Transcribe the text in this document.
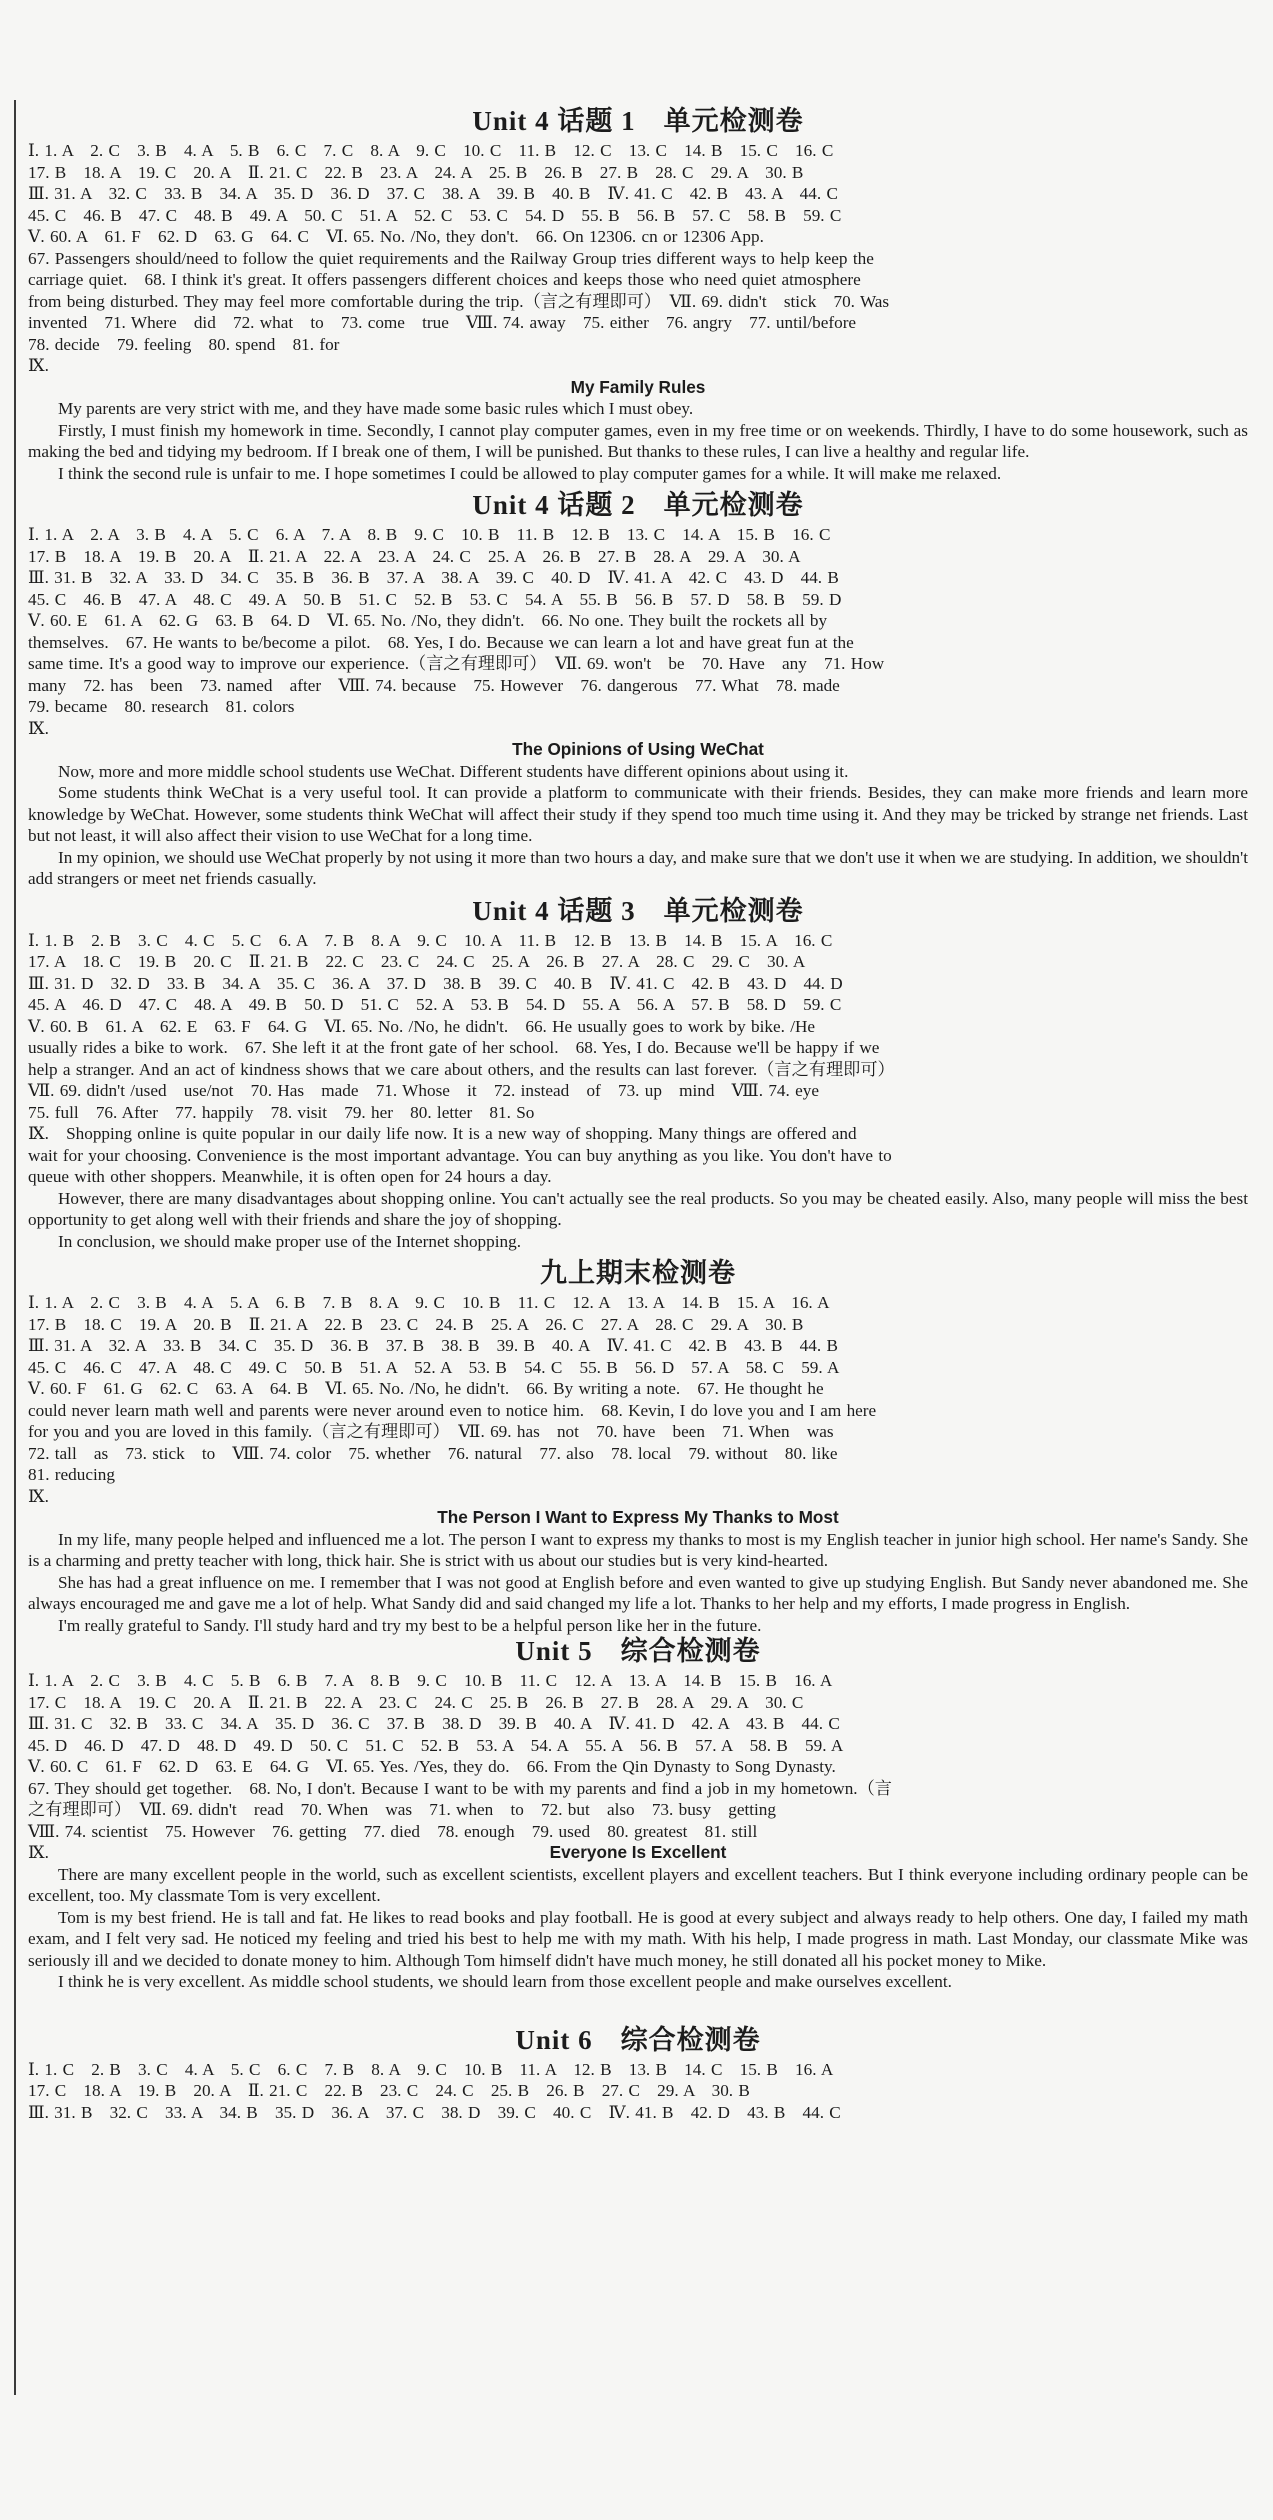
Unit 4 话题 1　单元检测卷
Ⅰ. 1. A　2. C　3. B　4. A　5. B　6. C　7. C　8. A　9. C　10. C　11. B　12. C　13. C　14. B　15. C　16. C
17. B　18. A　19. C　20. A　Ⅱ. 21. C　22. B　23. A　24. A　25. B　26. B　27. B　28. C　29. A　30. B
Ⅲ. 31. A　32. C　33. B　34. A　35. D　36. D　37. C　38. A　39. B　40. B　Ⅳ. 41. C　42. B　43. A　44. C
45. C　46. B　47. C　48. B　49. A　50. C　51. A　52. C　53. C　54. D　55. B　56. B　57. C　58. B　59. C
Ⅴ. 60. A　61. F　62. D　63. G　64. C　Ⅵ. 65. No. /No, they don't.　66. On 12306. cn or 12306 App.
67. Passengers should/need to follow the quiet requirements and the Railway Group tries different ways to help keep the
carriage quiet.　68. I think it's great. It offers passengers different choices and keeps those who need quiet atmosphere
from being disturbed. They may feel more comfortable during the trip.（言之有理即可）　Ⅶ. 69. didn't　stick　70. Was
invented　71. Where　did　72. what　to　73. come　true　Ⅷ. 74. away　75. either　76. angry　77. until/before
78. decide　79. feeling　80. spend　81. for
Ⅸ.
My Family Rules

My parents are very strict with me, and they have made some basic rules which I must obey.

Firstly, I must finish my homework in time. Secondly, I cannot play computer games, even in my free time or on weekends. Thirdly, I have to do some housework, such as making the bed and tidying my bedroom. If I break one of them, I will be punished. But thanks to these rules, I can live a healthy and regular life.

I think the second rule is unfair to me. I hope sometimes I could be allowed to play computer games for a while. It will make me relaxed.

Unit 4 话题 2　单元检测卷
Ⅰ. 1. A　2. A　3. B　4. A　5. C　6. A　7. A　8. B　9. C　10. B　11. B　12. B　13. C　14. A　15. B　16. C
17. B　18. A　19. B　20. A　Ⅱ. 21. A　22. A　23. A　24. C　25. A　26. B　27. B　28. A　29. A　30. A
Ⅲ. 31. B　32. A　33. D　34. C　35. B　36. B　37. A　38. A　39. C　40. D　Ⅳ. 41. A　42. C　43. D　44. B
45. C　46. B　47. A　48. C　49. A　50. B　51. C　52. B　53. C　54. A　55. B　56. B　57. D　58. B　59. D
Ⅴ. 60. E　61. A　62. G　63. B　64. D　Ⅵ. 65. No. /No, they didn't.　66. No one. They built the rockets all by
themselves.　67. He wants to be/become a pilot.　68. Yes, I do. Because we can learn a lot and have great fun at the
same time. It's a good way to improve our experience.（言之有理即可）　Ⅶ. 69. won't　be　70. Have　any　71. How
many　72. has　been　73. named　after　Ⅷ. 74. because　75. However　76. dangerous　77. What　78. made
79. became　80. research　81. colors
Ⅸ.
The Opinions of Using WeChat

Now, more and more middle school students use WeChat. Different students have different opinions about using it.

Some students think WeChat is a very useful tool. It can provide a platform to communicate with their friends. Besides, they can make more friends and learn more knowledge by WeChat. However, some students think WeChat will affect their study if they spend too much time using it. And they may be tricked by strange net friends. Last but not least, it will also affect their vision to use WeChat for a long time.

In my opinion, we should use WeChat properly by not using it more than two hours a day, and make sure that we don't use it when we are studying. In addition, we shouldn't add strangers or meet net friends casually.

Unit 4 话题 3　单元检测卷
Ⅰ. 1. B　2. B　3. C　4. C　5. C　6. A　7. B　8. A　9. C　10. A　11. B　12. B　13. B　14. B　15. A　16. C
17. A　18. C　19. B　20. C　Ⅱ. 21. B　22. C　23. C　24. C　25. A　26. B　27. A　28. C　29. C　30. A
Ⅲ. 31. D　32. D　33. B　34. A　35. C　36. A　37. D　38. B　39. C　40. B　Ⅳ. 41. C　42. B　43. D　44. D
45. A　46. D　47. C　48. A　49. B　50. D　51. C　52. A　53. B　54. D　55. A　56. A　57. B　58. D　59. C
Ⅴ. 60. B　61. A　62. E　63. F　64. G　Ⅵ. 65. No. /No, he didn't.　66. He usually goes to work by bike. /He
usually rides a bike to work.　67. She left it at the front gate of her school.　68. Yes, I do. Because we'll be happy if we
help a stranger. And an act of kindness shows that we care about others, and the results can last forever.（言之有理即可）
Ⅶ. 69. didn't /used　use/not　70. Has　made　71. Whose　it　72. instead　of　73. up　mind　Ⅷ. 74. eye
75. full　76. After　77. happily　78. visit　79. her　80. letter　81. So
Ⅸ.　Shopping online is quite popular in our daily life now. It is a new way of shopping. Many things are offered and
wait for your choosing. Convenience is the most important advantage. You can buy anything as you like. You don't have to
queue with other shoppers. Meanwhile, it is often open for 24 hours a day.

However, there are many disadvantages about shopping online. You can't actually see the real products. So you may be cheated easily. Also, many people will miss the best opportunity to get along well with their friends and share the joy of shopping.

In conclusion, we should make proper use of the Internet shopping.

九上期末检测卷
Ⅰ. 1. A　2. C　3. B　4. A　5. A　6. B　7. B　8. A　9. C　10. B　11. C　12. A　13. A　14. B　15. A　16. A
17. B　18. C　19. A　20. B　Ⅱ. 21. A　22. B　23. C　24. B　25. A　26. C　27. A　28. C　29. A　30. B
Ⅲ. 31. A　32. A　33. B　34. C　35. D　36. B　37. B　38. B　39. B　40. A　Ⅳ. 41. C　42. B　43. B　44. B
45. C　46. C　47. A　48. C　49. C　50. B　51. A　52. A　53. B　54. C　55. B　56. D　57. A　58. C　59. A
Ⅴ. 60. F　61. G　62. C　63. A　64. B　Ⅵ. 65. No. /No, he didn't.　66. By writing a note.　67. He thought he
could never learn math well and parents were never around even to notice him.　68. Kevin, I do love you and I am here
for you and you are loved in this family.（言之有理即可）　Ⅶ. 69. has　not　70. have　been　71. When　was
72. tall　as　73. stick　to　Ⅷ. 74. color　75. whether　76. natural　77. also　78. local　79. without　80. like
81. reducing
Ⅸ.
The Person I Want to Express My Thanks to Most

In my life, many people helped and influenced me a lot. The person I want to express my thanks to most is my English teacher in junior high school. Her name's Sandy. She is a charming and pretty teacher with long, thick hair. She is strict with us about our studies but is very kind-hearted.

She has had a great influence on me. I remember that I was not good at English before and even wanted to give up studying English. But Sandy never abandoned me. She always encouraged me and gave me a lot of help. What Sandy did and said changed my life a lot. Thanks to her help and my efforts, I made progress in English.

I'm really grateful to Sandy. I'll study hard and try my best to be a helpful person like her in the future.

Unit 5　综合检测卷
Ⅰ. 1. A　2. C　3. B　4. C　5. B　6. B　7. A　8. B　9. C　10. B　11. C　12. A　13. A　14. B　15. B　16. A
17. C　18. A　19. C　20. A　Ⅱ. 21. B　22. A　23. C　24. C　25. B　26. B　27. B　28. A　29. A　30. C
Ⅲ. 31. C　32. B　33. C　34. A　35. D　36. C　37. B　38. D　39. B　40. A　Ⅳ. 41. D　42. A　43. B　44. C
45. D　46. D　47. D　48. D　49. D　50. C　51. C　52. B　53. A　54. A　55. A　56. B　57. A　58. B　59. A
Ⅴ. 60. C　61. F　62. D　63. E　64. G　Ⅵ. 65. Yes. /Yes, they do.　66. From the Qin Dynasty to Song Dynasty.
67. They should get together.　68. No, I don't. Because I want to be with my parents and find a job in my hometown.（言
之有理即可）　Ⅶ. 69. didn't　read　70. When　was　71. when　to　72. but　also　73. busy　getting
Ⅷ. 74. scientist　75. However　76. getting　77. died　78. enough　79. used　80. greatest　81. still
Ⅸ.	Everyone Is Excellent

There are many excellent people in the world, such as excellent scientists, excellent players and excellent teachers. But I think everyone including ordinary people can be excellent, too. My classmate Tom is very excellent.

Tom is my best friend. He is tall and fat. He likes to read books and play football. He is good at every subject and always ready to help others. One day, I failed my math exam, and I felt very sad. He noticed my feeling and tried his best to help me with my math. With his help, I made progress in math. Last Monday, our classmate Mike was seriously ill and we decided to donate money to him. Although Tom himself didn't have much money, he still donated all his pocket money to Mike.

I think he is very excellent. As middle school students, we should learn from those excellent people and make ourselves excellent.

Unit 6　综合检测卷
Ⅰ. 1. C　2. B　3. C　4. A　5. C　6. C　7. B　8. A　9. C　10. B　11. A　12. B　13. B　14. C　15. B　16. A
17. C　18. A　19. B　20. A　Ⅱ. 21. C　22. B　23. C　24. C　25. B　26. B　27. C　29. A　30. B
Ⅲ. 31. B　32. C　33. A　34. B　35. D　36. A　37. C　38. D　39. C　40. C　Ⅳ. 41. B　42. D　43. B　44. C
